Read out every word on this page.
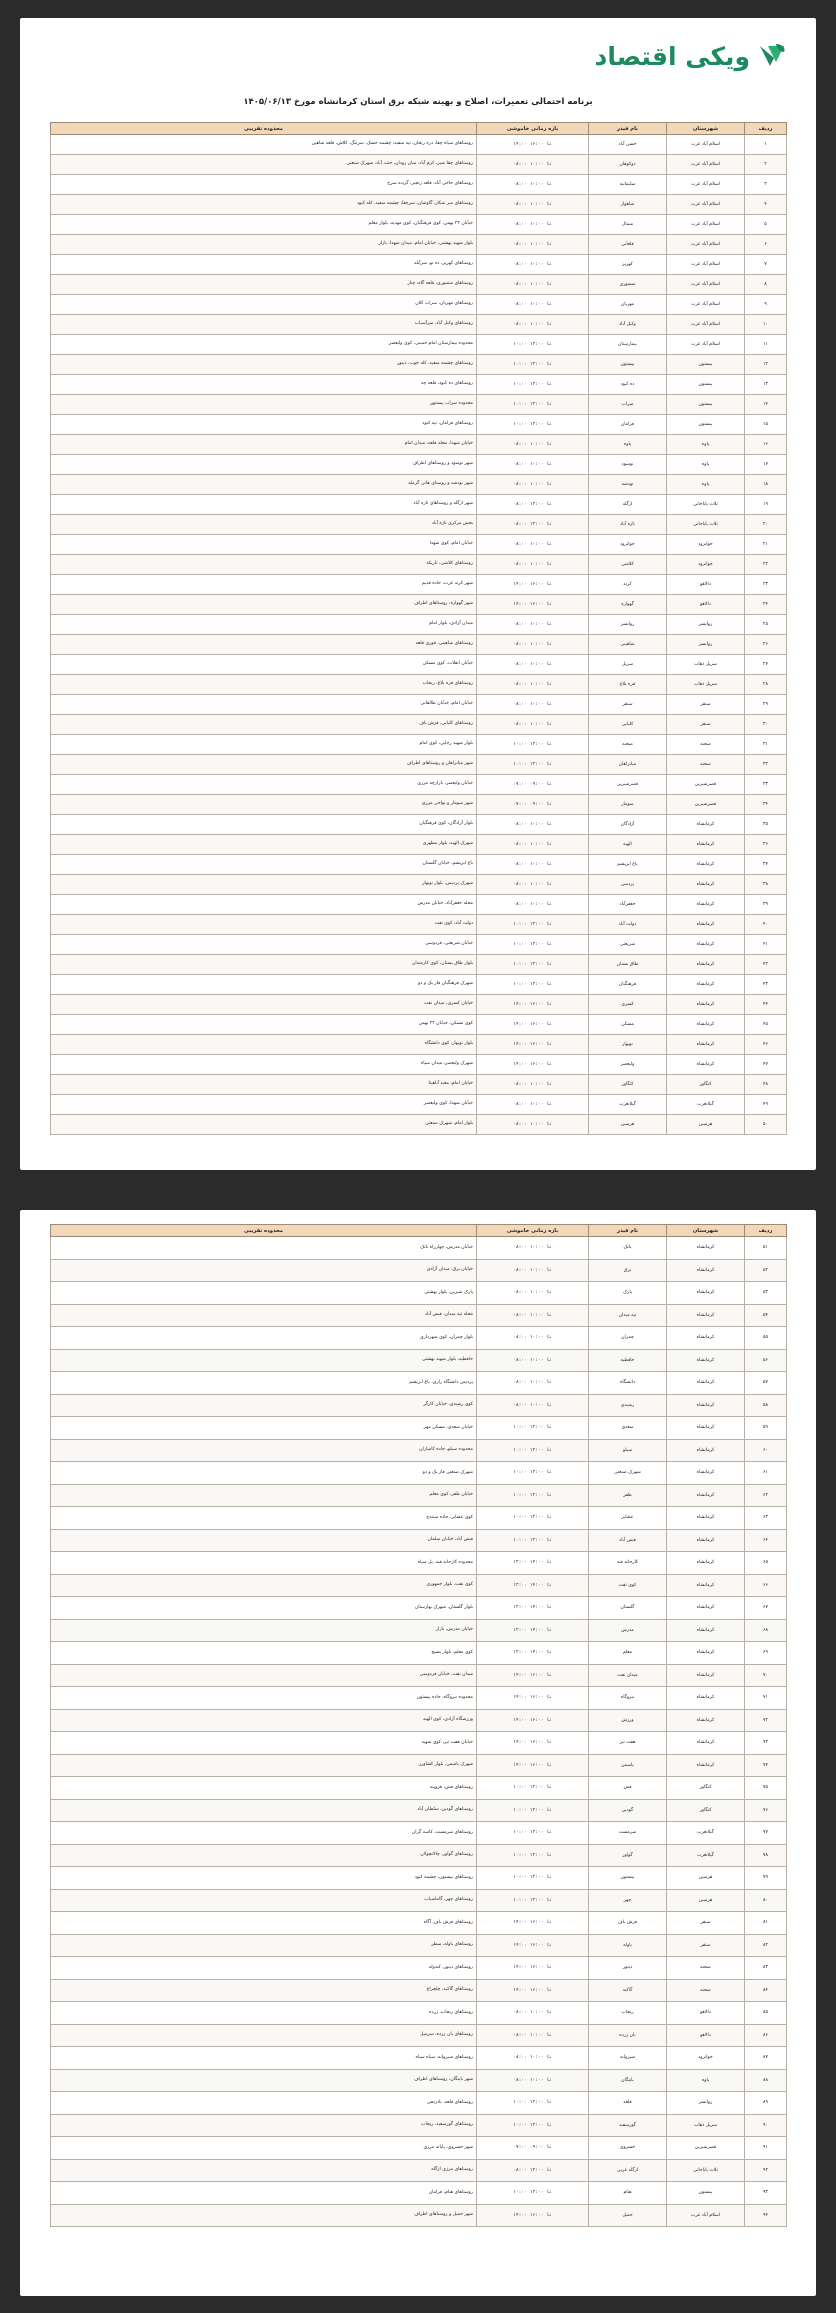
ویکی اقتصاد
برنامه احتمالی تعمیرات، اصلاح و بهینه شبکه برق استان کرمانشاه مورخ ۱۴۰۵/۰۶/۱۳
ردیف	شهرستان	نام فیدر	بازه زمانی خاموشی	محدوده تقریبی
۱	اسلام آباد غرب	حسن آباد	۱۴:۰۰ تا ۱۶:۰۰	روستاهای سیاه چقا، دره ‌ریحان، تپه‌ سفید، چشمه خشک، سرتنگ، کلاش، قلعه شاهین
۲	اسلام آباد غرب	دوکوهان	۰۸:۰۰ تا ۱۰:۰۰	روستاهای چقا شیر، کرم‌ آباد، میان‌ رودان، جنت آباد، شهرک صنعتی
۳	اسلام آباد غرب	سلیمانیه	۰۸:۰۰ تا ۱۰:۰۰	روستاهای حاجی‌ آباد، قلعه‌ زنجیر، گردنه‌ سرخ
۴	اسلام آباد غرب	شاهوار	۰۸:۰۰ تا ۱۰:۰۰	روستاهای میر شکار، گاوشان، سرچقا، چشمه سفید، کله‌ کبود
۵	اسلام آباد غرب	شمال	۰۸:۰۰ تا ۱۰:۰۰	خیابان ۲۲ بهمن، کوی فرهنگیان، کوی مهدیه، بلوار معلم
۶	اسلام آباد غرب	قلعانی	۰۸:۰۰ تا ۱۰:۰۰	بلوار شهید بهشتی، خیابان امام، میدان شهدا، بازار
۷	اسلام آباد غرب	کهریز	۰۸:۰۰ تا ۱۰:۰۰	روستاهای کهریز، ده‌ نو، سرآبله
۸	اسلام آباد غرب	منصوری	۰۸:۰۰ تا ۱۰:۰۰	روستاهای منصوری، قلعه ‌گاه، چنار
۹	اسلام آباد غرب	مهربان	۰۸:۰۰ تا ۱۰:۰۰	روستاهای مهربان، سراب کلان
۱۰	اسلام آباد غرب	وکیل آباد	۰۸:۰۰ تا ۱۰:۰۰	روستاهای وکیل آباد، سرآسیاب
۱۱	اسلام آباد غرب	بیمارستان	۱۰:۰۰ تا ۱۲:۰۰	محدوده بیمارستان امام خمینی، کوی ولیعصر
۱۲	بیستون	بیستون	۱۰:۰۰ تا ۱۲:۰۰	روستاهای چشمه ‌سفید، کله ‌جوب، دینور
۱۳	بیستون	ده ‌کبود	۱۰:۰۰ تا ۱۲:۰۰	روستاهای ده کبود، قلعه ‌چه
۱۴	بیستون	سراب	۱۰:۰۰ تا ۱۲:۰۰	محدوده سراب بیستون
۱۵	بیستون	فرامان	۱۰:۰۰ تا ۱۲:۰۰	روستاهای فرامان، تپه ‌کبود
۱۶	پاوه	پاوه	۰۸:۰۰ تا ۱۰:۰۰	خیابان شهدا، محله ‌قلعه، میدان امام
۱۷	پاوه	نوسود	۰۸:۰۰ تا ۱۰:۰۰	شهر نوسود و روستاهای اطراف
۱۸	پاوه	نودشه	۰۸:۰۰ تا ۱۰:۰۰	شهر نودشه و روستای هانی ‌گرمله
۱۹	ثلاث باباجانی	ازگله	۰۸:۰۰ تا ۱۲:۰۰	شهر ازگله و روستاهای تازه ‌آباد
۲۰	ثلاث باباجانی	تازه ‌آباد	۰۸:۰۰ تا ۱۲:۰۰	بخش مرکزی تازه ‌آباد
۲۱	جوانرود	جوانرود	۰۸:۰۰ تا ۱۰:۰۰	خیابان امام، کوی شهدا
۲۲	جوانرود	کلاشی	۰۸:۰۰ تا ۱۰:۰۰	روستاهای کلاشی، تاریکه
۲۳	دالاهو	کرند	۱۴:۰۰ تا ۱۶:۰۰	شهر کرند غرب، جاده ‌قدیم
۲۴	دالاهو	گهواره	۱۴:۰۰ تا ۱۶:۰۰	شهر گهواره، روستاهای اطراف
۲۵	روانسر	روانسر	۰۸:۰۰ تا ۱۰:۰۰	میدان آزادی، بلوار امام
۲۶	روانسر	شاهینی	۰۸:۰۰ تا ۱۰:۰۰	روستاهای شاهینی، قوری ‌قلعه
۲۷	سرپل ذهاب	سرپل	۰۸:۰۰ تا ۱۰:۰۰	خیابان انقلاب، کوی مسکن
۲۸	سرپل ذهاب	قره ‌بلاغ	۰۸:۰۰ تا ۱۰:۰۰	روستاهای قره ‌بلاغ، ریجاب
۲۹	سنقر	سنقر	۰۸:۰۰ تا ۱۰:۰۰	خیابان امام، خیابان طالقانی
۳۰	سنقر	کلیایی	۰۸:۰۰ تا ۱۰:۰۰	روستاهای کلیایی، فرش ‌باف
۳۱	صحنه	صحنه	۱۰:۰۰ تا ۱۲:۰۰	بلوار شهید رجایی، کوی امام
۳۲	صحنه	میانراهان	۱۰:۰۰ تا ۱۲:۰۰	شهر میانراهان و روستاهای اطراف
۳۳	قصرشیرین	قصرشیرین	۰۷:۰۰ تا ۰۹:۰۰	خیابان ولیعصر، بازارچه مرزی
۳۴	قصرشیرین	سومار	۰۷:۰۰ تا ۰۹:۰۰	شهر سومار و نواحی مرزی
۳۵	کرمانشاه	آزادگان	۰۸:۰۰ تا ۱۰:۰۰	بلوار آزادگان، کوی فرهنگیان
۳۶	کرمانشاه	الهیه	۰۸:۰۰ تا ۱۰:۰۰	شهرک الهیه، بلوار مطهری
۳۷	کرمانشاه	باغ ‌ابریشم	۰۸:۰۰ تا ۱۰:۰۰	باغ ابریشم، خیابان گلستان
۳۸	کرمانشاه	پردیس	۰۸:۰۰ تا ۱۰:۰۰	شهرک پردیس، بلوار نوبهار
۳۹	کرمانشاه	جعفرآباد	۰۸:۰۰ تا ۱۰:۰۰	محله جعفرآباد، خیابان مدرس
۴۰	کرمانشاه	دولت ‌آباد	۱۰:۰۰ تا ۱۲:۰۰	دولت ‌آباد، کوی نفت
۴۱	کرمانشاه	شریعتی	۱۰:۰۰ تا ۱۲:۰۰	خیابان شریعتی، فردوسی
۴۲	کرمانشاه	طاق ‌بستان	۱۰:۰۰ تا ۱۲:۰۰	بلوار طاق ‌بستان، کوی کارمندان
۴۳	کرمانشاه	فرهنگیان	۱۰:۰۰ تا ۱۲:۰۰	شهرک فرهنگیان فاز یک و دو
۴۴	کرمانشاه	کسری	۱۴:۰۰ تا ۱۶:۰۰	خیابان کسری، میدان نفت
۴۵	کرمانشاه	مسکن	۱۴:۰۰ تا ۱۶:۰۰	کوی مسکن، خیابان ۲۲ بهمن
۴۶	کرمانشاه	نوبهار	۱۴:۰۰ تا ۱۶:۰۰	بلوار نوبهار، کوی دانشگاه
۴۷	کرمانشاه	ولیعصر	۱۴:۰۰ تا ۱۶:۰۰	شهرک ولیعصر، میدان سپاه
۴۸	کنگاور	کنگاور	۰۸:۰۰ تا ۱۰:۰۰	خیابان امام، معبد آناهیتا
۴۹	گیلانغرب	گیلانغرب	۰۸:۰۰ تا ۱۰:۰۰	خیابان شهدا، کوی ولیعصر
۵۰	هرسین	هرسین	۰۸:۰۰ تا ۱۰:۰۰	بلوار امام، شهرک صنعتی
ردیف	شهرستان	نام فیدر	بازه زمانی خاموشی	محدوده تقریبی
۵۱	کرمانشاه	بانک	۰۸:۰۰ تا ۱۰:۰۰	خیابان مدرس، چهارراه بانک
۵۲	کرمانشاه	برق	۰۸:۰۰ تا ۱۰:۰۰	خیابان برق، میدان آزادی
۵۳	کرمانشاه	پارک	۰۸:۰۰ تا ۱۰:۰۰	پارک شیرین، بلوار بهشتی
۵۴	کرمانشاه	تپه ‌میدان	۰۸:۰۰ تا ۱۰:۰۰	محله تپه ‌میدان، فیض ‌آباد
۵۵	کرمانشاه	چمران	۰۸:۰۰ تا ۱۰:۰۰	بلوار چمران، کوی شهرداری
۵۶	کرمانشاه	حافظیه	۰۸:۰۰ تا ۱۰:۰۰	حافظیه، بلوار شهید بهشتی
۵۷	کرمانشاه	دانشگاه	۰۸:۰۰ تا ۱۰:۰۰	پردیس دانشگاه رازی، باغ ‌ابریشم
۵۸	کرمانشاه	رشیدی	۰۸:۰۰ تا ۱۰:۰۰	کوی رشیدی، خیابان کارگر
۵۹	کرمانشاه	سعدی	۱۰:۰۰ تا ۱۲:۰۰	خیابان سعدی، مسکن مهر
۶۰	کرمانشاه	سیلو	۱۰:۰۰ تا ۱۲:۰۰	محدوده سیلو، جاده ‌کامیاران
۶۱	کرمانشاه	شهرک ‌صنعتی	۱۰:۰۰ تا ۱۲:۰۰	شهرک صنعتی فاز یک و دو
۶۲	کرمانشاه	ظفر	۱۰:۰۰ تا ۱۲:۰۰	خیابان ظفر، کوی معلم
۶۳	کرمانشاه	عشایر	۱۰:۰۰ تا ۱۲:۰۰	کوی عشایر، جاده ‌سنندج
۶۴	کرمانشاه	فیض ‌آباد	۱۰:۰۰ تا ۱۲:۰۰	فیض ‌آباد، خیابان سلمان
۶۵	کرمانشاه	کارخانه قند	۱۲:۰۰ تا ۱۴:۰۰	محدوده کارخانه قند، پل ‌سیاه
۶۶	کرمانشاه	کوی ‌نفت	۱۲:۰۰ تا ۱۴:۰۰	کوی نفت، بلوار جمهوری
۶۷	کرمانشاه	گلستان	۱۲:۰۰ تا ۱۴:۰۰	بلوار گلستان، شهرک بهارستان
۶۸	کرمانشاه	مدرس	۱۲:۰۰ تا ۱۴:۰۰	خیابان مدرس، بازار
۶۹	کرمانشاه	معلم	۱۲:۰۰ تا ۱۴:۰۰	کوی معلم، بلوار بسیج
۷۰	کرمانشاه	میدان ‌نفت	۱۴:۰۰ تا ۱۶:۰۰	میدان نفت، خیابان فردوسی
۷۱	کرمانشاه	نیروگاه	۱۴:۰۰ تا ۱۶:۰۰	محدوده نیروگاه، جاده ‌بیستون
۷۲	کرمانشاه	ورزش	۱۴:۰۰ تا ۱۶:۰۰	ورزشگاه آزادی، کوی الهیه
۷۳	کرمانشاه	هفت ‌تیر	۱۴:۰۰ تا ۱۶:۰۰	خیابان هفت ‌تیر، کوی شهید
۷۴	کرمانشاه	یاسمن	۱۴:۰۰ تا ۱۶:۰۰	شهرک یاسمن، بلوار کشاورز
۷۵	کنگاور	فش	۱۰:۰۰ تا ۱۲:۰۰	روستاهای فش، قزوینه
۷۶	کنگاور	گودین	۱۰:۰۰ تا ۱۲:۰۰	روستاهای گودین، سلطان ‌آباد
۷۷	گیلانغرب	سرمست	۱۰:۰۰ تا ۱۲:۰۰	روستاهای سرمست، کاسه ‌گران
۷۸	گیلانغرب	گواور	۱۰:۰۰ تا ۱۲:۰۰	روستاهای گواور، چالانچولان
۷۹	هرسین	بیستون	۱۰:۰۰ تا ۱۲:۰۰	روستاهای بیستون، چشمه ‌کبود
۸۰	هرسین	چهر	۱۰:۰۰ تا ۱۲:۰۰	روستاهای چهر، گاماسیاب
۸۱	سنقر	فرش ‌باف	۱۴:۰۰ تا ۱۶:۰۰	روستاهای فرش ‌باف، آگاه
۸۲	سنقر	باوله	۱۴:۰۰ تا ۱۶:۰۰	روستاهای باوله، سطر
۸۳	صحنه	دینور	۱۴:۰۰ تا ۱۶:۰۰	روستاهای دینور، کندوله
۸۴	صحنه	گاکیه	۱۴:۰۰ تا ۱۶:۰۰	روستاهای گاکیه، چلچراغ
۸۵	دالاهو	ریجاب	۰۸:۰۰ تا ۱۰:۰۰	روستاهای ریجاب، زرده
۸۶	دالاهو	بان ‌زرده	۰۸:۰۰ تا ۱۰:۰۰	روستاهای بان ‌زرده، سرمیل
۸۷	جوانرود	شیروانه	۰۸:۰۰ تا ۱۰:۰۰	روستاهای شیروانه، سیاه ‌سیاه
۸۸	پاوه	باینگان	۰۸:۰۰ تا ۱۰:۰۰	شهر باینگان، روستاهای اطراف
۸۹	روانسر	قلعه	۱۰:۰۰ تا ۱۲:۰۰	روستاهای قلعه، بادرنجی
۹۰	سرپل ذهاب	گورسفید	۱۰:۰۰ تا ۱۲:۰۰	روستاهای گورسفید، ریجاب
۹۱	قصرشیرین	خسروی	۰۷:۰۰ تا ۰۹:۰۰	شهر خسروی، پایانه مرزی
۹۲	ثلاث باباجانی	ازگله غربی	۰۸:۰۰ تا ۱۲:۰۰	روستاهای مرزی ازگله
۹۳	بیستون	هنام	۱۰:۰۰ تا ۱۲:۰۰	روستاهای هنام، فرامان
۹۴	اسلام آباد غرب	حمیل	۱۴:۰۰ تا ۱۶:۰۰	شهر حمیل و روستاهای اطراف
